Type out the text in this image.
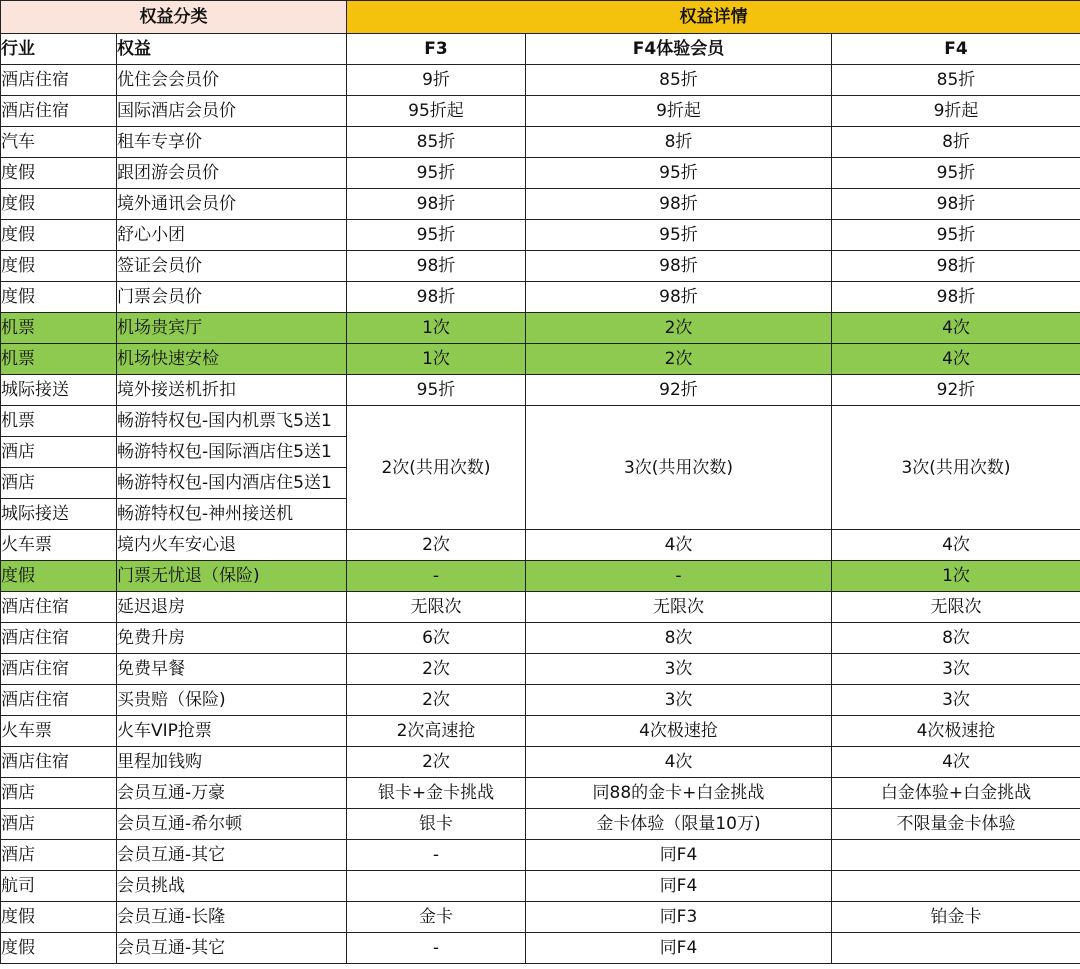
权益分类		权益详情		
行业	权益	F3	F4体验会员	F4
酒店住宿	优住会会员价	9折	85折	85折
酒店住宿	国际酒店会员价	95折起	9折起	9折起
汽车	租车专享价	85折	8折	8折
度假	跟团游会员价	95折	95折	95折
度假	境外通讯会员价	98折	98折	98折
度假	舒心小团	95折	95折	95折
度假	签证会员价	98折	98折	98折
度假	门票会员价	98折	98折	98折
机票	机场贵宾厅	1次	2次	4次
机票	机场快速安检	1次	2次	4次
城际接送	境外接送机折扣	95折	92折	92折
机票	畅游特权包-国内机票飞5送1	2次(共用次数)	3次(共用次数)	3次(共用次数)
酒店	畅游特权包-国际酒店住5送1			
酒店	畅游特权包-国内酒店住5送1			
城际接送	畅游特权包-神州接送机			
火车票	境内火车安心退	2次	4次	4次
度假	门票无忧退（保险)	-	-	1次
酒店住宿	延迟退房	无限次	无限次	无限次
酒店住宿	免费升房	6次	8次	8次
酒店住宿	免费早餐	2次	3次	3次
酒店住宿	买贵赔（保险)	2次	3次	3次
火车票	火车VIP抢票	2次高速抢	4次极速抢	4次极速抢
酒店住宿	里程加钱购	2次	4次	4次
酒店	会员互通-万豪	银卡+金卡挑战	同88的金卡+白金挑战	白金体验+白金挑战
酒店	会员互通-希尔顿	银卡	金卡体验（限量10万)	不限量金卡体验
酒店	会员互通-其它	-	同F4	
航司	会员挑战		同F4	
度假	会员互通-长隆	金卡	同F3	铂金卡
度假	会员互通-其它	-	同F4	
